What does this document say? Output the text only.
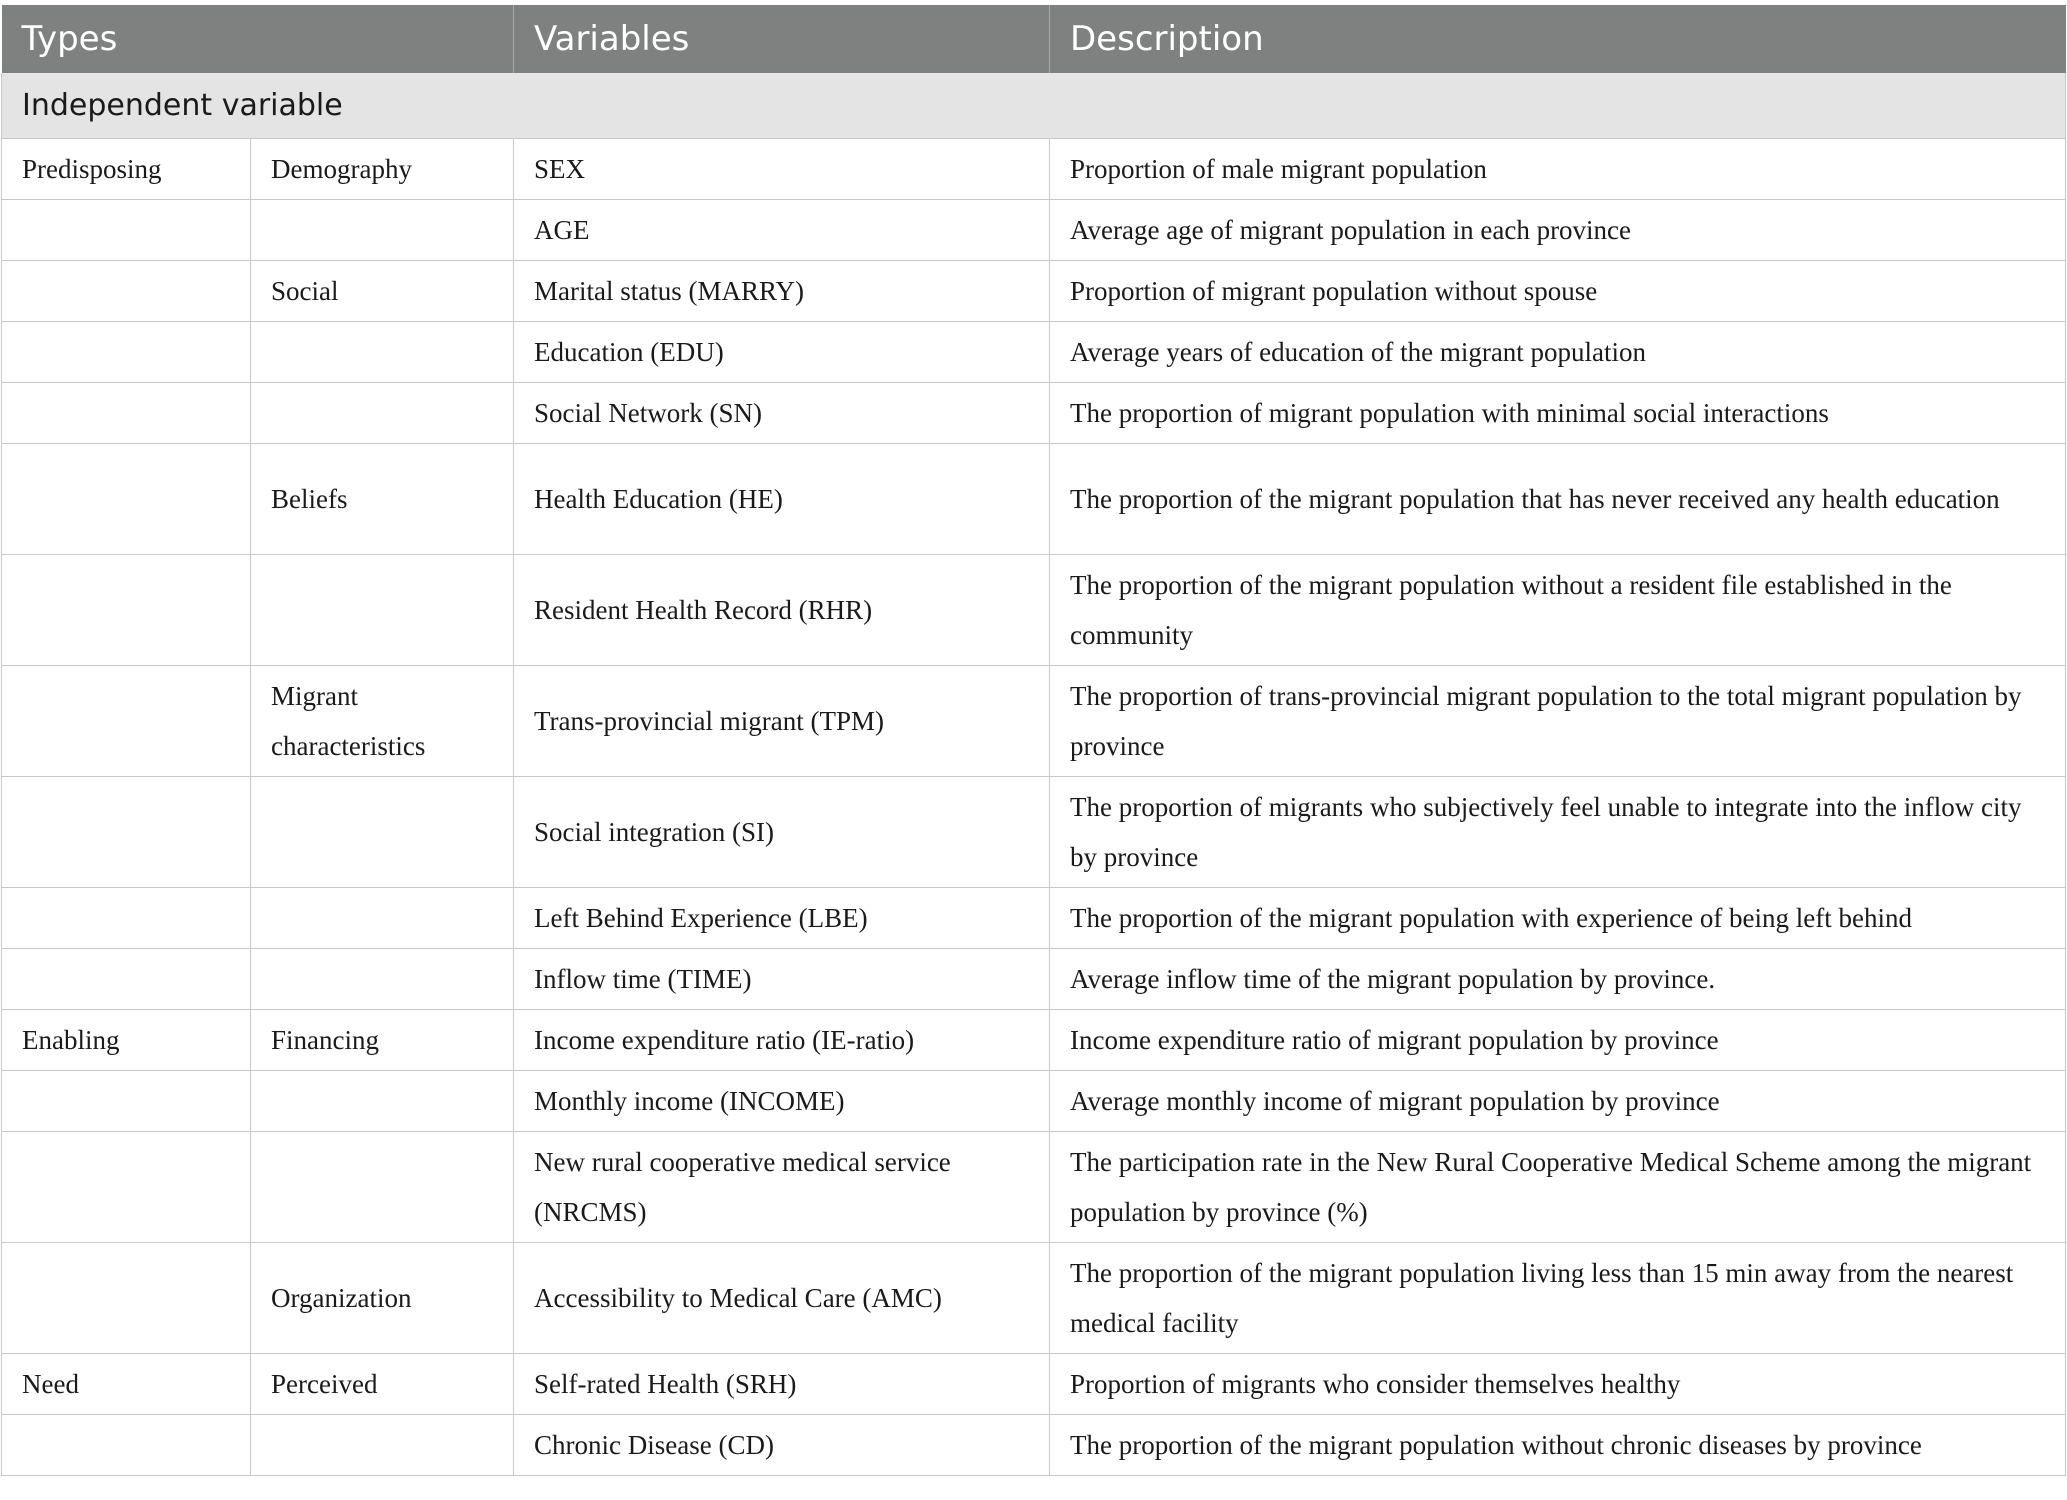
Types		Variables	Description
Independent variable			
Predisposing	Demography	SEX	Proportion of male migrant population
		AGE	Average age of migrant population in each province
	Social	Marital status (MARRY)	Proportion of migrant population without spouse
		Education (EDU)	Average years of education of the migrant population
		Social Network (SN)	The proportion of migrant population with minimal social interactions
	Beliefs	Health Education (HE)	The proportion of the migrant population that has never received any health education
		Resident Health Record (RHR)	The proportion of the migrant population without a resident file established in the community
	Migrant characteristics	Trans-provincial migrant (TPM)	The proportion of trans-provincial migrant population to the total migrant population by province
		Social integration (SI)	The proportion of migrants who subjectively feel unable to integrate into the inflow city by province
		Left Behind Experience (LBE)	The proportion of the migrant population with experience of being left behind
		Inflow time (TIME)	Average inflow time of the migrant population by province.
Enabling	Financing	Income expenditure ratio (IE-ratio)	Income expenditure ratio of migrant population by province
		Monthly income (INCOME)	Average monthly income of migrant population by province
		New rural cooperative medical service (NRCMS)	The participation rate in the New Rural Cooperative Medical Scheme among the migrant population by province (%)
	Organization	Accessibility to Medical Care (AMC)	The proportion of the migrant population living less than 15 min away from the nearest medical facility
Need	Perceived	Self-rated Health (SRH)	Proportion of migrants who consider themselves healthy
		Chronic Disease (CD)	The proportion of the migrant population without chronic diseases by province
